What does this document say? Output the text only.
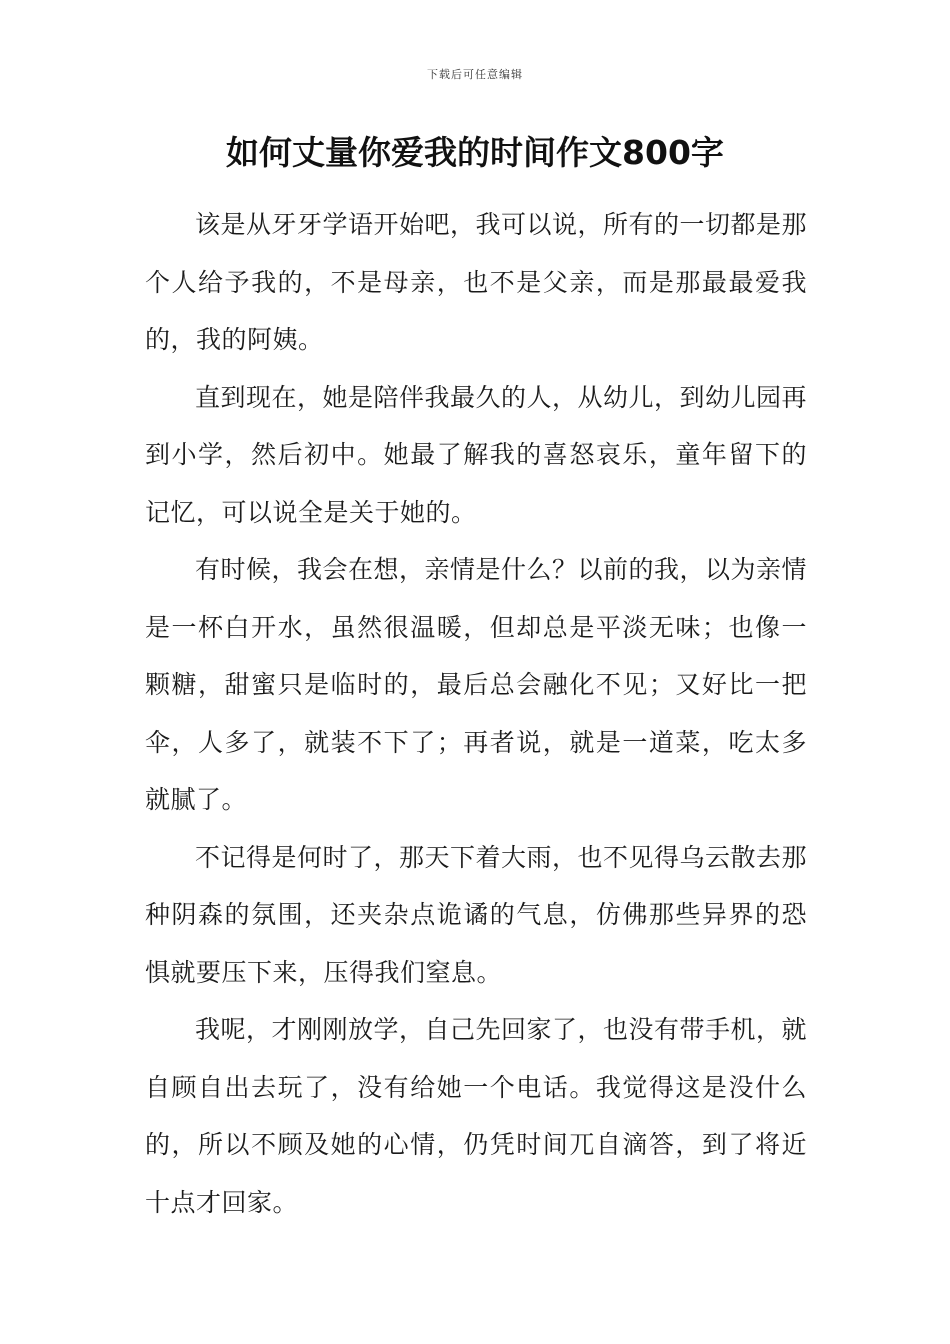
下载后可任意编辑
如何丈量你爱我的时间作文800字

该是从牙牙学语开始吧，我可以说，所有的一切都是那个人给予我的，不是母亲，也不是父亲，而是那最最爱我的，我的阿姨。

直到现在，她是陪伴我最久的人，从幼儿，到幼儿园再到小学，然后初中。她最了解我的喜怒哀乐，童年留下的记忆，可以说全是关于她的。

有时候，我会在想，亲情是什么？以前的我，以为亲情是一杯白开水，虽然很温暖，但却总是平淡无味；也像一颗糖，甜蜜只是临时的，最后总会融化不见；又好比一把伞，人多了，就装不下了；再者说，就是一道菜，吃太多就腻了。

不记得是何时了，那天下着大雨，也不见得乌云散去那种阴森的氛围，还夹杂点诡谲的气息，仿佛那些异界的恐惧就要压下来，压得我们窒息。

我呢，才刚刚放学，自己先回家了，也没有带手机，就自顾自出去玩了，没有给她一个电话。我觉得这是没什么的，所以不顾及她的心情，仍凭时间兀自滴答，到了将近十点才回家。
